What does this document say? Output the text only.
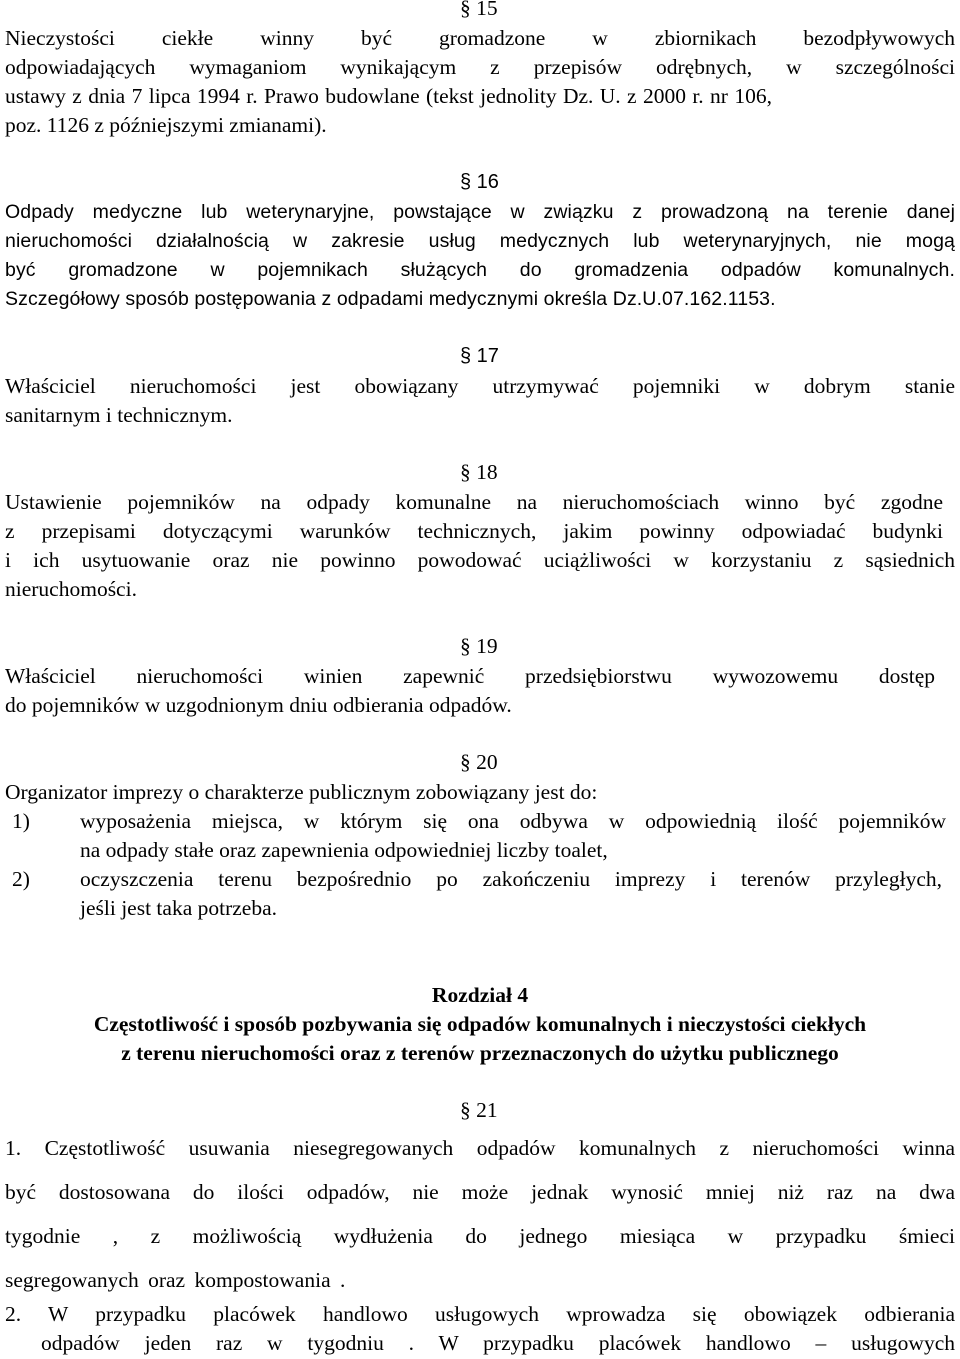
§ 15
Nieczystości ciekłe winny być gromadzone w zbiornikach bezodpływowych
odpowiadających wymaganiom wynikającym z przepisów odrębnych, w szczególności
ustawy z dnia 7 lipca 1994 r. Prawo budowlane (tekst jednolity Dz. U. z 2000 r. nr 106,
poz. 1126 z późniejszymi zmianami).
§ 16
Odpady medyczne lub weterynaryjne, powstające w związku z prowadzoną na terenie danej
nieruchomości działalnością w zakresie usług medycznych lub weterynaryjnych, nie mogą
być gromadzone w pojemnikach służących do gromadzenia odpadów komunalnych.
Szczegółowy sposób postępowania z odpadami medycznymi określa Dz.U.07.162.1153.
§ 17
Właściciel nieruchomości jest obowiązany utrzymywać pojemniki w dobrym stanie
sanitarnym i technicznym.
§ 18
Ustawienie pojemników na odpady komunalne na nieruchomościach winno być zgodne
z przepisami dotyczącymi warunków technicznych, jakim powinny odpowiadać budynki
i ich usytuowanie oraz nie powinno powodować uciążliwości w korzystaniu z sąsiednich
nieruchomości.
§ 19
Właściciel nieruchomości winien zapewnić przedsiębiorstwu wywozowemu dostęp
do pojemników w uzgodnionym dniu odbierania odpadów.
§ 20
Organizator imprezy o charakterze publicznym zobowiązany jest do:
1) wyposażenia miejsca, w którym się ona odbywa w odpowiednią ilość pojemników
na odpady stałe oraz zapewnienia odpowiedniej liczby toalet,
2) oczyszczenia terenu bezpośrednio po zakończeniu imprezy i terenów przyległych,
jeśli jest taka potrzeba.
Rozdział 4
Częstotliwość i sposób pozbywania się odpadów komunalnych i nieczystości ciekłych
z terenu nieruchomości oraz z terenów przeznaczonych do użytku publicznego
§ 21
1. Częstotliwość usuwania niesegregowanych odpadów komunalnych z nieruchomości winna
być dostosowana do ilości odpadów, nie może jednak wynosić mniej niż raz na dwa
tygodnie , z możliwością wydłużenia do jednego miesiąca w przypadku śmieci
segregowanych oraz kompostowania .
2. W przypadku placówek handlowo usługowych wprowadza się obowiązek odbierania
odpadów jeden raz w tygodniu . W przypadku placówek handlowo – usługowych
